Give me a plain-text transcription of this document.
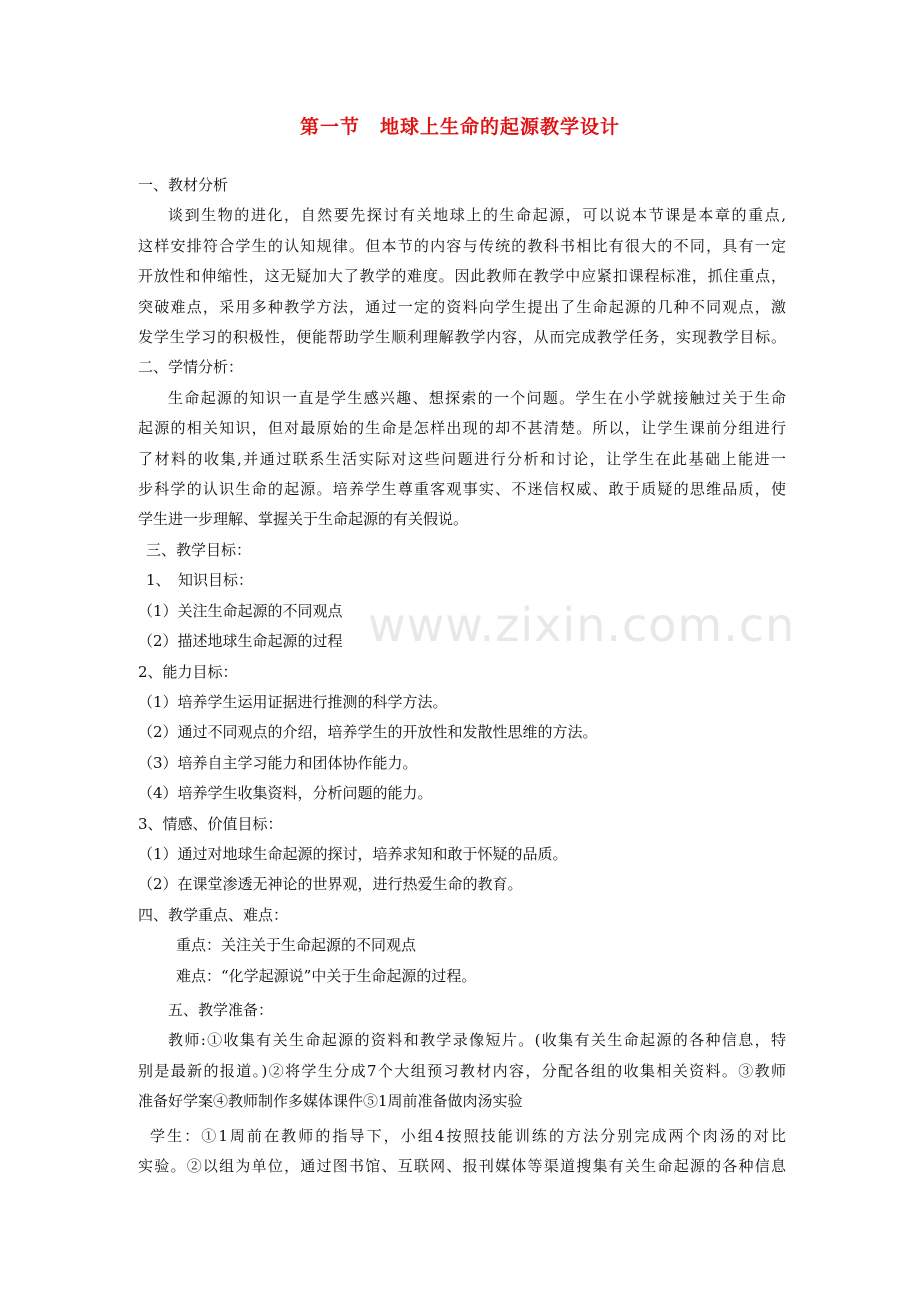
www.zixin.com.cn
第一节　地球上生命的起源教学设计

一、教材分析

谈到生物的进化，自然要先探讨有关地球上的生命起源，可以说本节课是本章的重点,

这样安排符合学生的认知规律。但本节的内容与传统的教科书相比有很大的不同，具有一定

开放性和伸缩性，这无疑加大了教学的难度。因此教师在教学中应紧扣课程标准，抓住重点，

突破难点，采用多种教学方法，通过一定的资料向学生提出了生命起源的几种不同观点，激

发学生学习的积极性，便能帮助学生顺利理解教学内容，从而完成教学任务，实现教学目标。

二、学情分析：

生命起源的知识一直是学生感兴趣、想探索的一个问题。学生在小学就接触过关于生命

起源的相关知识，但对最原始的生命是怎样出现的却不甚清楚。所以，让学生课前分组进行

了材料的收集,并通过联系生活实际对这些问题进行分析和讨论，让学生在此基础上能进一

步科学的认识生命的起源。培养学生尊重客观事实、不迷信权威、敢于质疑的思维品质，使

学生进一步理解、掌握关于生命起源的有关假说。

三、教学目标：

1、　知识目标：

（1）关注生命起源的不同观点

（2）描述地球生命起源的过程

2、能力目标：

（1）培养学生运用证据进行推测的科学方法。

（2）通过不同观点的介绍，培养学生的开放性和发散性思维的方法。

（3）培养自主学习能力和团体协作能力。

（4）培养学生收集资料，分析问题的能力。

3、情感、价值目标：

（1）通过对地球生命起源的探讨，培养求知和敢于怀疑的品质。

（2）在课堂渗透无神论的世界观，进行热爱生命的教育。

四、教学重点、难点：

重点：关注关于生命起源的不同观点

难点：“化学起源说”中关于生命起源的过程。

五、教学准备：

教师:①收集有关生命起源的资料和教学录像短片。(收集有关生命起源的各种信息，特

别是最新的报道。)②将学生分成7个大组预习教材内容，分配各组的收集相关资料。③教师

准备好学案④教师制作多媒体课件⑤1周前准备做肉汤实验

学生：①1周前在教师的指导下，小组4按照技能训练的方法分别完成两个肉汤的对比

实验。②以组为单位，通过图书馆、互联网、报刊媒体等渠道搜集有关生命起源的各种信息
